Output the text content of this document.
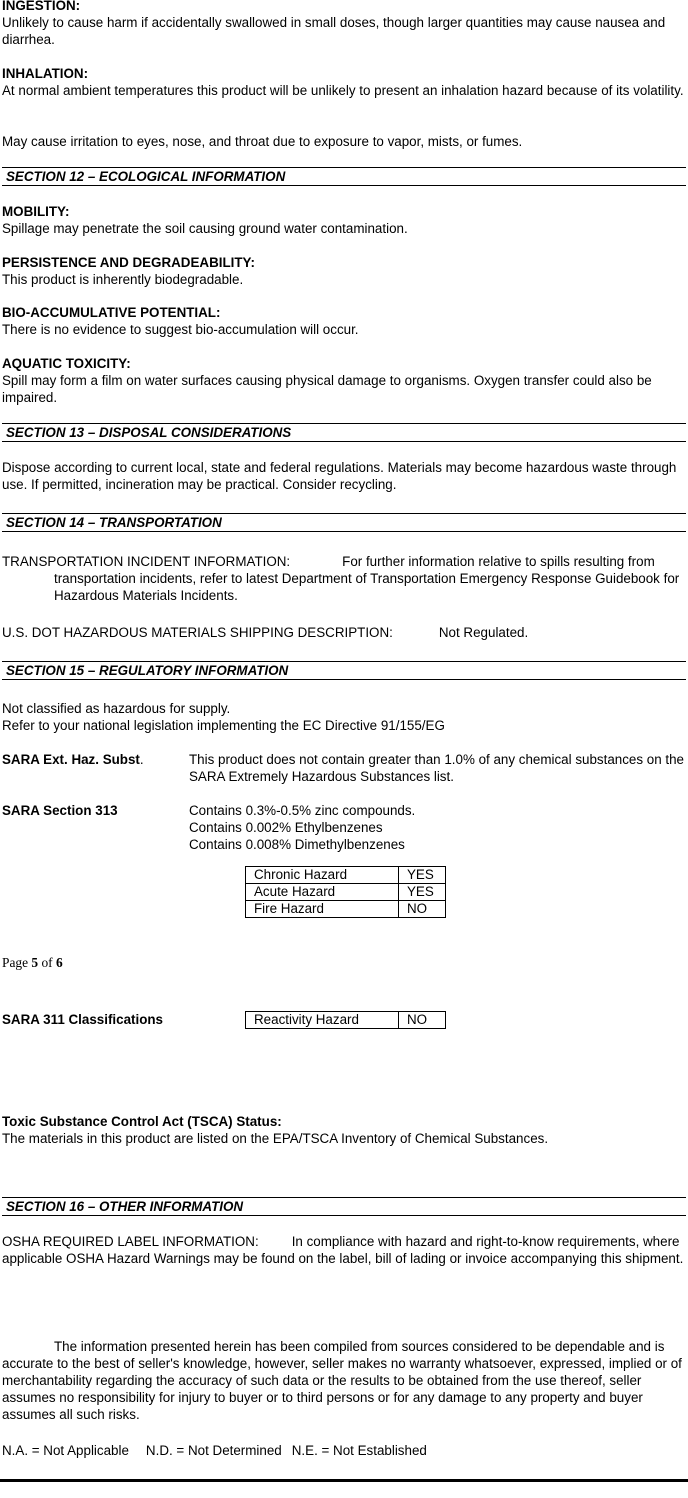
INGESTION:
Unlikely to cause harm if accidentally swallowed in small doses, though larger quantities may cause nausea and diarrhea.
INHALATION:
At normal ambient temperatures this product will be unlikely to present an inhalation hazard because of its volatility.
May cause irritation to eyes, nose, and throat due to exposure to vapor, mists, or fumes.
SECTION 12 – ECOLOGICAL INFORMATION
MOBILITY:
Spillage may penetrate the soil causing ground water contamination.
PERSISTENCE AND DEGRADEABILITY:
This product is inherently biodegradable.
BIO-ACCUMULATIVE POTENTIAL:
There is no evidence to suggest bio-accumulation will occur.
AQUATIC TOXICITY:
Spill may form a film on water surfaces causing physical damage to organisms. Oxygen transfer could also be impaired.
SECTION 13 – DISPOSAL CONSIDERATIONS
Dispose according to current local, state and federal regulations. Materials may become hazardous waste through use. If permitted, incineration may be practical. Consider recycling.
SECTION 14 – TRANSPORTATION
TRANSPORTATION INCIDENT INFORMATION:	For further information relative to spills resulting from transportation incidents, refer to latest Department of Transportation Emergency Response Guidebook for Hazardous Materials Incidents.
U.S. DOT HAZARDOUS MATERIALS SHIPPING DESCRIPTION:	Not Regulated.
SECTION 15 – REGULATORY INFORMATION
Not classified as hazardous for supply.
Refer to your national legislation implementing the EC Directive 91/155/EG
SARA Ext. Haz. Subst.	This product does not contain greater than 1.0% of any chemical substances on the SARA Extremely Hazardous Substances list.
SARA Section 313	Contains 0.3%-0.5% zinc compounds.
Contains 0.002% Ethylbenzenes
Contains 0.008% Dimethylbenzenes
Chronic Hazard	YES
Acute Hazard	YES
Fire Hazard	NO
Page 5 of 6
SARA 311 Classifications	Reactivity Hazard	NO
Toxic Substance Control Act (TSCA) Status:
The materials in this product are listed on the EPA/TSCA Inventory of Chemical Substances.
SECTION 16 – OTHER INFORMATION
OSHA REQUIRED LABEL INFORMATION: In compliance with hazard and right-to-know requirements, where applicable OSHA Hazard Warnings may be found on the label, bill of lading or invoice accompanying this shipment.
The information presented herein has been compiled from sources considered to be dependable and is accurate to the best of seller's knowledge, however, seller makes no warranty whatsoever, expressed, implied or of merchantability regarding the accuracy of such data or the results to be obtained from the use thereof, seller assumes no responsibility for injury to buyer or to third persons or for any damage to any property and buyer assumes all such risks.
N.A. = Not Applicable N.D. = Not Determined N.E. = Not Established
